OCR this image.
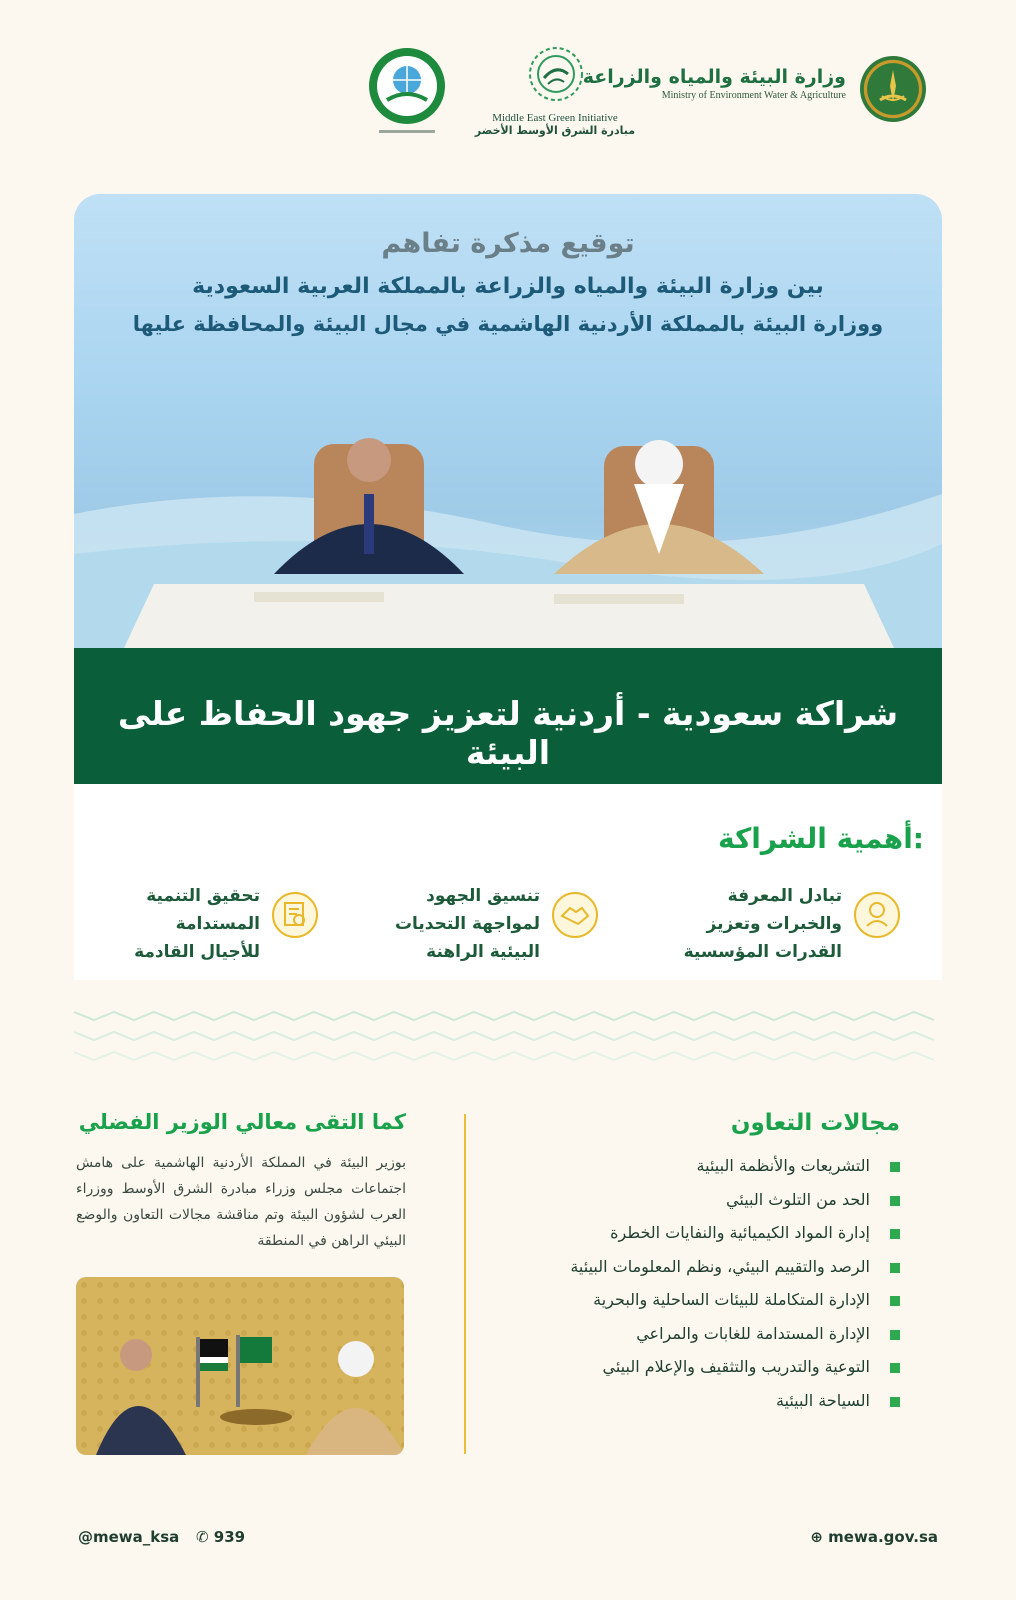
وزارة البيئة والمياه والزراعة
Ministry of Environment Water & Agriculture
Middle East Green Initiative
مبادرة الشرق الأوسط الأخضر
توقيع مذكرة تفاهم
بين وزارة البيئة والمياه والزراعة بالمملكة العربية السعودية
ووزارة البيئة بالمملكة الأردنية الهاشمية في مجال البيئة والمحافظة عليها
شراكة سعودية - أردنية لتعزيز جهود الحفاظ على البيئة
أهمية الشراكة:
تبادل المعرفة
والخبرات وتعزيز
القدرات المؤسسية
تنسيق الجهود
لمواجهة التحديات
البيئية الراهنة
تحقيق التنمية
المستدامة
للأجيال القادمة
مجالات التعاون
التشريعات والأنظمة البيئية
الحد من التلوث البيئي
إدارة المواد الكيميائية والنفايات الخطرة
الرصد والتقييم البيئي، ونظم المعلومات البيئية
الإدارة المتكاملة للبيئات الساحلية والبحرية
الإدارة المستدامة للغابات والمراعي
التوعية والتدريب والتثقيف والإعلام البيئي
السياحة البيئية
كما التقى معالي الوزير الفضلي
بوزير البيئة في المملكة الأردنية الهاشمية على هامش اجتماعات مجلس وزراء مبادرة الشرق الأوسط ووزراء العرب لشؤون البيئة وتم مناقشة مجالات التعاون والوضع البيئي الراهن في المنطقة
@mewa_ksa ✆ 939	⊕ mewa.gov.sa
